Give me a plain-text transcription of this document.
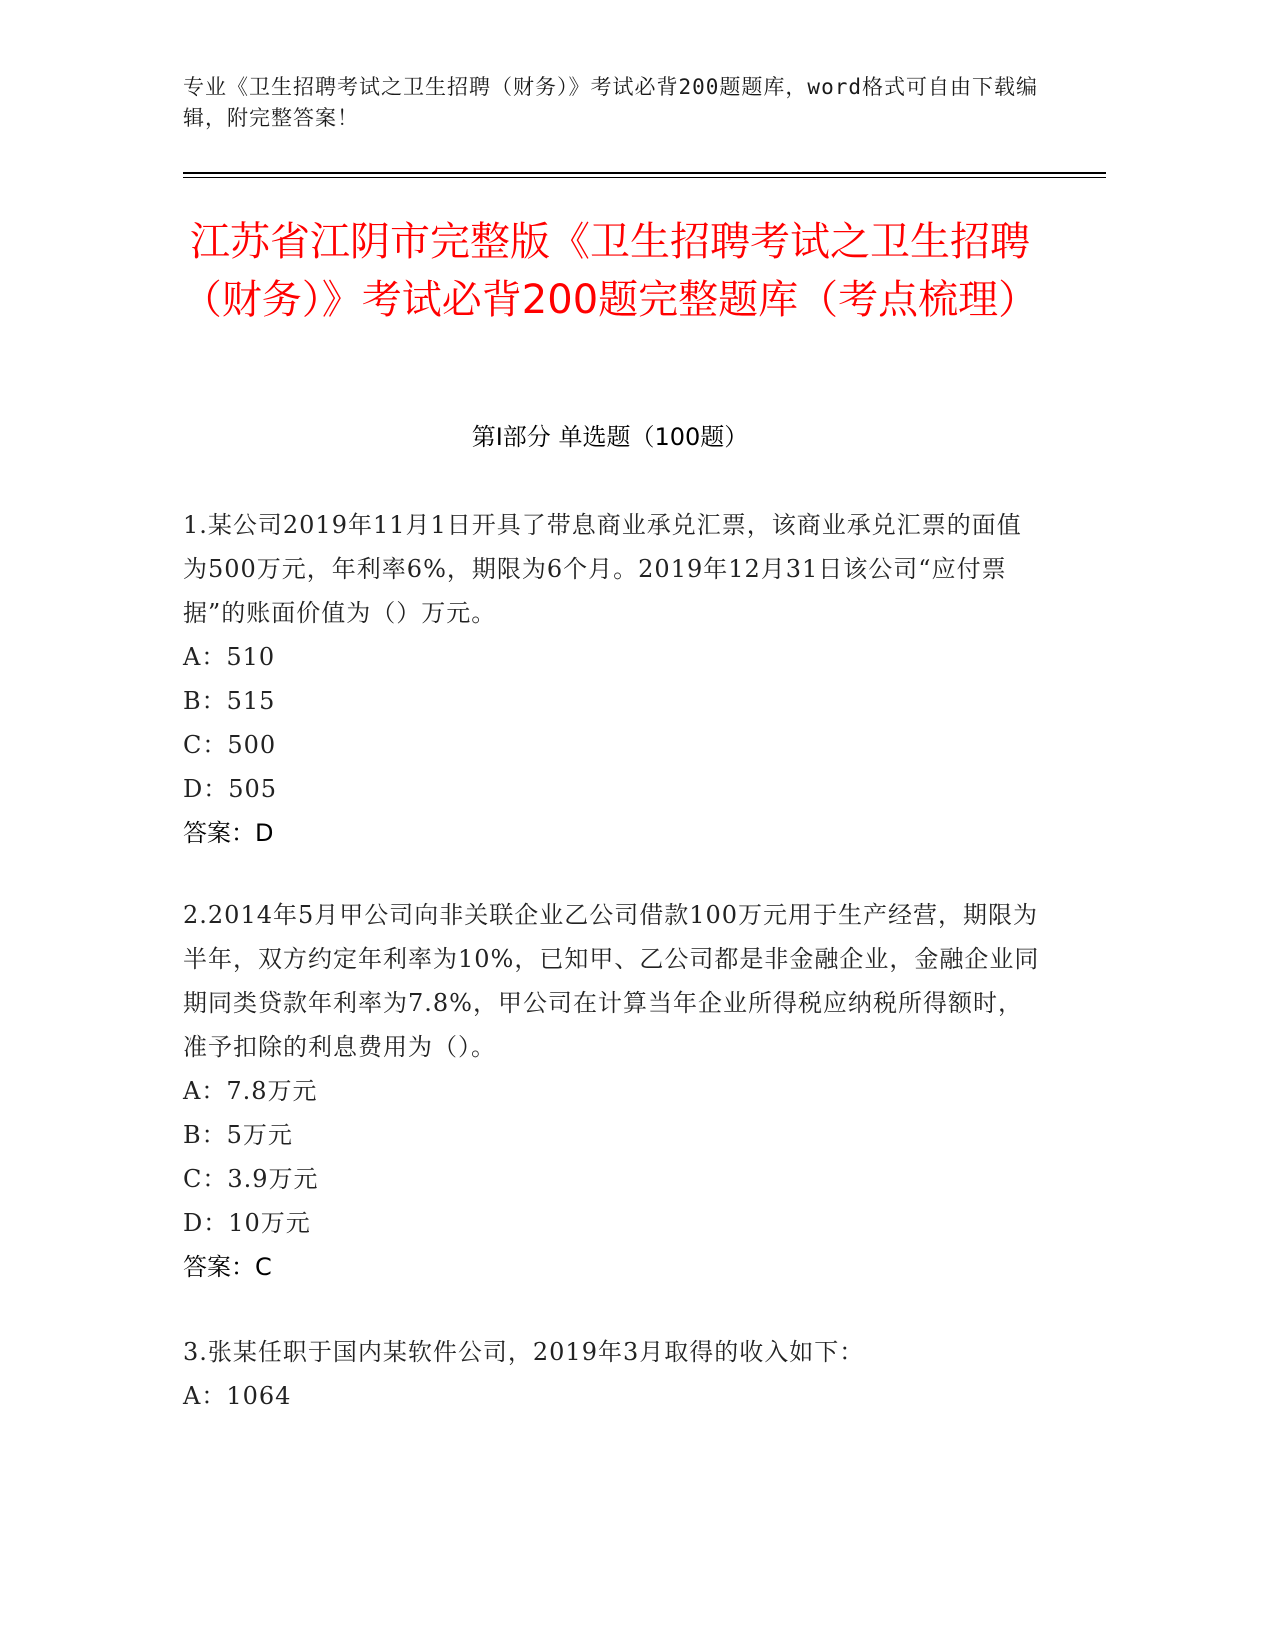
专业《卫生招聘考试之卫生招聘（财务）》考试必背200题题库，word格式可自由下载编辑，附完整答案！
江苏省江阴市完整版《卫生招聘考试之卫生招聘（财务）》考试必背200题完整题库（考点梳理）
第Ⅰ部分 单选题（100题）

1.某公司2019年11月1日开具了带息商业承兑汇票，该商业承兑汇票的面值为500万元，年利率6%，期限为6个月。2019年12月31日该公司“应付票据”的账面价值为（）万元。

A：510

B：515

C：500

D：505

答案：D

2.2014年5月甲公司向非关联企业乙公司借款100万元用于生产经营，期限为半年，双方约定年利率为10%，已知甲、乙公司都是非金融企业，金融企业同期同类贷款年利率为7.8%，甲公司在计算当年企业所得税应纳税所得额时，准予扣除的利息费用为（）。

A：7.8万元

B：5万元

C：3.9万元

D：10万元

答案：C

3.张某任职于国内某软件公司，2019年3月取得的收入如下：

A：1064
